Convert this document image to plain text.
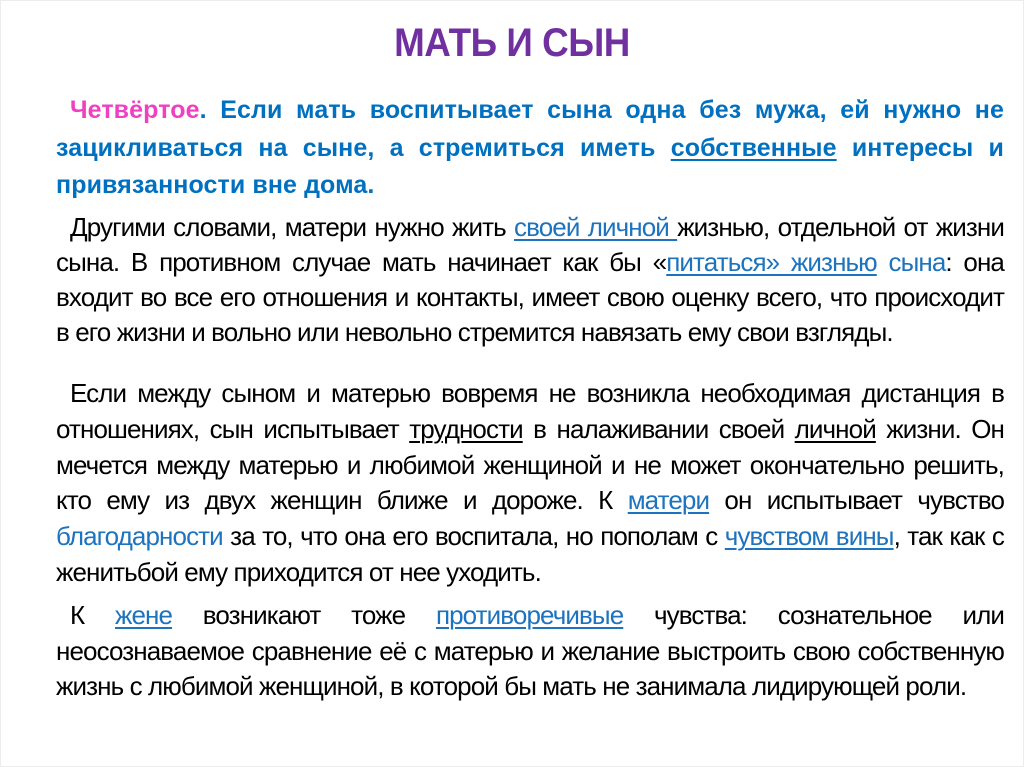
МАТЬ И СЫН
Четвёртое. Если мать воспитывает сына одна без мужа, ей нужно не зацикливаться на сыне, а стремиться иметь собственные интересы и привязанности вне дома.
Другими словами, матери нужно жить своей личной жизнью, отдельной от жизни сына. В противном случае мать начинает как бы «питаться» жизнью сына: она входит во все его отношения и контакты, имеет свою оценку всего, что происходит в его жизни и вольно или невольно стремится навязать ему свои взгляды.
Если между сыном и матерью вовремя не возникла необходимая дистанция в отношениях, сын испытывает трудности в налаживании своей личной жизни. Он мечется между матерью и любимой женщиной и не может окончательно решить, кто ему из двух женщин ближе и дороже. К матери он испытывает чувство благодарности за то, что она его воспитала, но пополам с чувством вины, так как с женитьбой ему приходится от нее уходить.
К жене возникают тоже противоречивые чувства: сознательное или неосознаваемое сравнение её с матерью и желание выстроить свою собственную жизнь с любимой женщиной, в которой бы мать не занимала лидирующей роли.
